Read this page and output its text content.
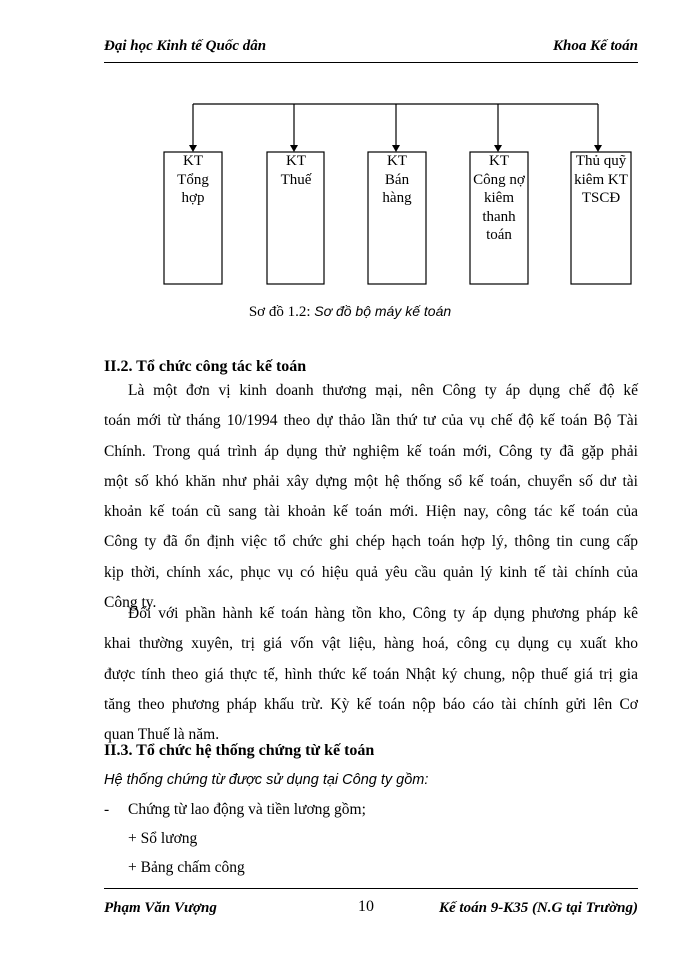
Đại học Kinh tế Quốc dân	Khoa Kế toán
KT
Tổng
hợp
KT
Thuế
KT
Bán
hàng
KT
Công nợ
kiêm
thanh
toán
Thủ quỹ
kiêm KT
TSCĐ
Sơ đồ 1.2: Sơ đồ bộ máy kế toán
II.2. Tổ chức công tác kế toán
Là một đơn vị kinh doanh thương mại, nên Công ty áp dụng chế độ kế
toán mới từ tháng 10/1994 theo dự thảo lần thứ tư của vụ chế độ kế toán Bộ Tài
Chính. Trong quá trình áp dụng thử nghiệm kế toán mới, Công ty đã gặp phải
một số khó khăn như phải xây dựng một hệ thống sổ kế toán, chuyển số dư tài
khoản kế toán cũ sang tài khoản kế toán mới. Hiện nay, công tác kế toán của
Công ty đã ổn định việc tổ chức ghi chép hạch toán hợp lý, thông tin cung cấp
kịp thời, chính xác, phục vụ có hiệu quả yêu cầu quản lý kinh tế tài chính của
Công ty.
Đối với phần hành kế toán hàng tồn kho, Công ty áp dụng phương pháp kê
khai thường xuyên, trị giá vốn vật liệu, hàng hoá, công cụ dụng cụ xuất kho
được tính theo giá thực tế, hình thức kế toán Nhật ký chung, nộp thuế giá trị gia
tăng theo phương pháp khấu trừ. Kỳ kế toán nộp báo cáo tài chính gửi lên Cơ
quan Thuế là năm.
II.3. Tổ chức hệ thống chứng từ kế toán
Hệ thống chứng từ được sử dụng tại Công ty gồm:
- Chứng từ lao động và tiền lương gồm;
+ Sổ lương
+ Bảng chấm công
Phạm Văn Vượng	10	Kế toán 9-K35 (N.G tại Trường)
